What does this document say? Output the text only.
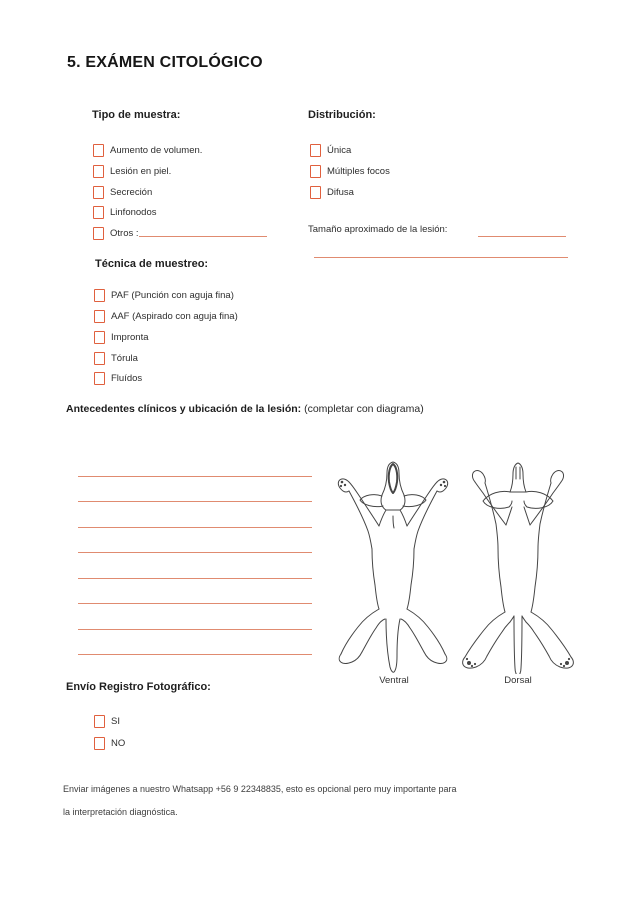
5. EXÁMEN CITOLÓGICO
Tipo de muestra:
Aumento de volumen.
Lesión en piel.
Secreción
Linfonodos
Otros :
Distribución:
Única
Múltiples focos
Difusa
Tamaño aproximado de la lesión:
Técnica de muestreo:
PAF (Punción con aguja fina)
AAF (Aspirado con aguja fina)
Impronta
Tórula
Fluídos
Antecedentes clínicos y ubicación de la lesión: (completar con diagrama)
Ventral	Dorsal
Envío Registro Fotográfico:
SI
NO
Enviar imágenes a nuestro Whatsapp +56 9 22348835, esto es opcional pero muy importante para
la interpretación diagnóstica.
